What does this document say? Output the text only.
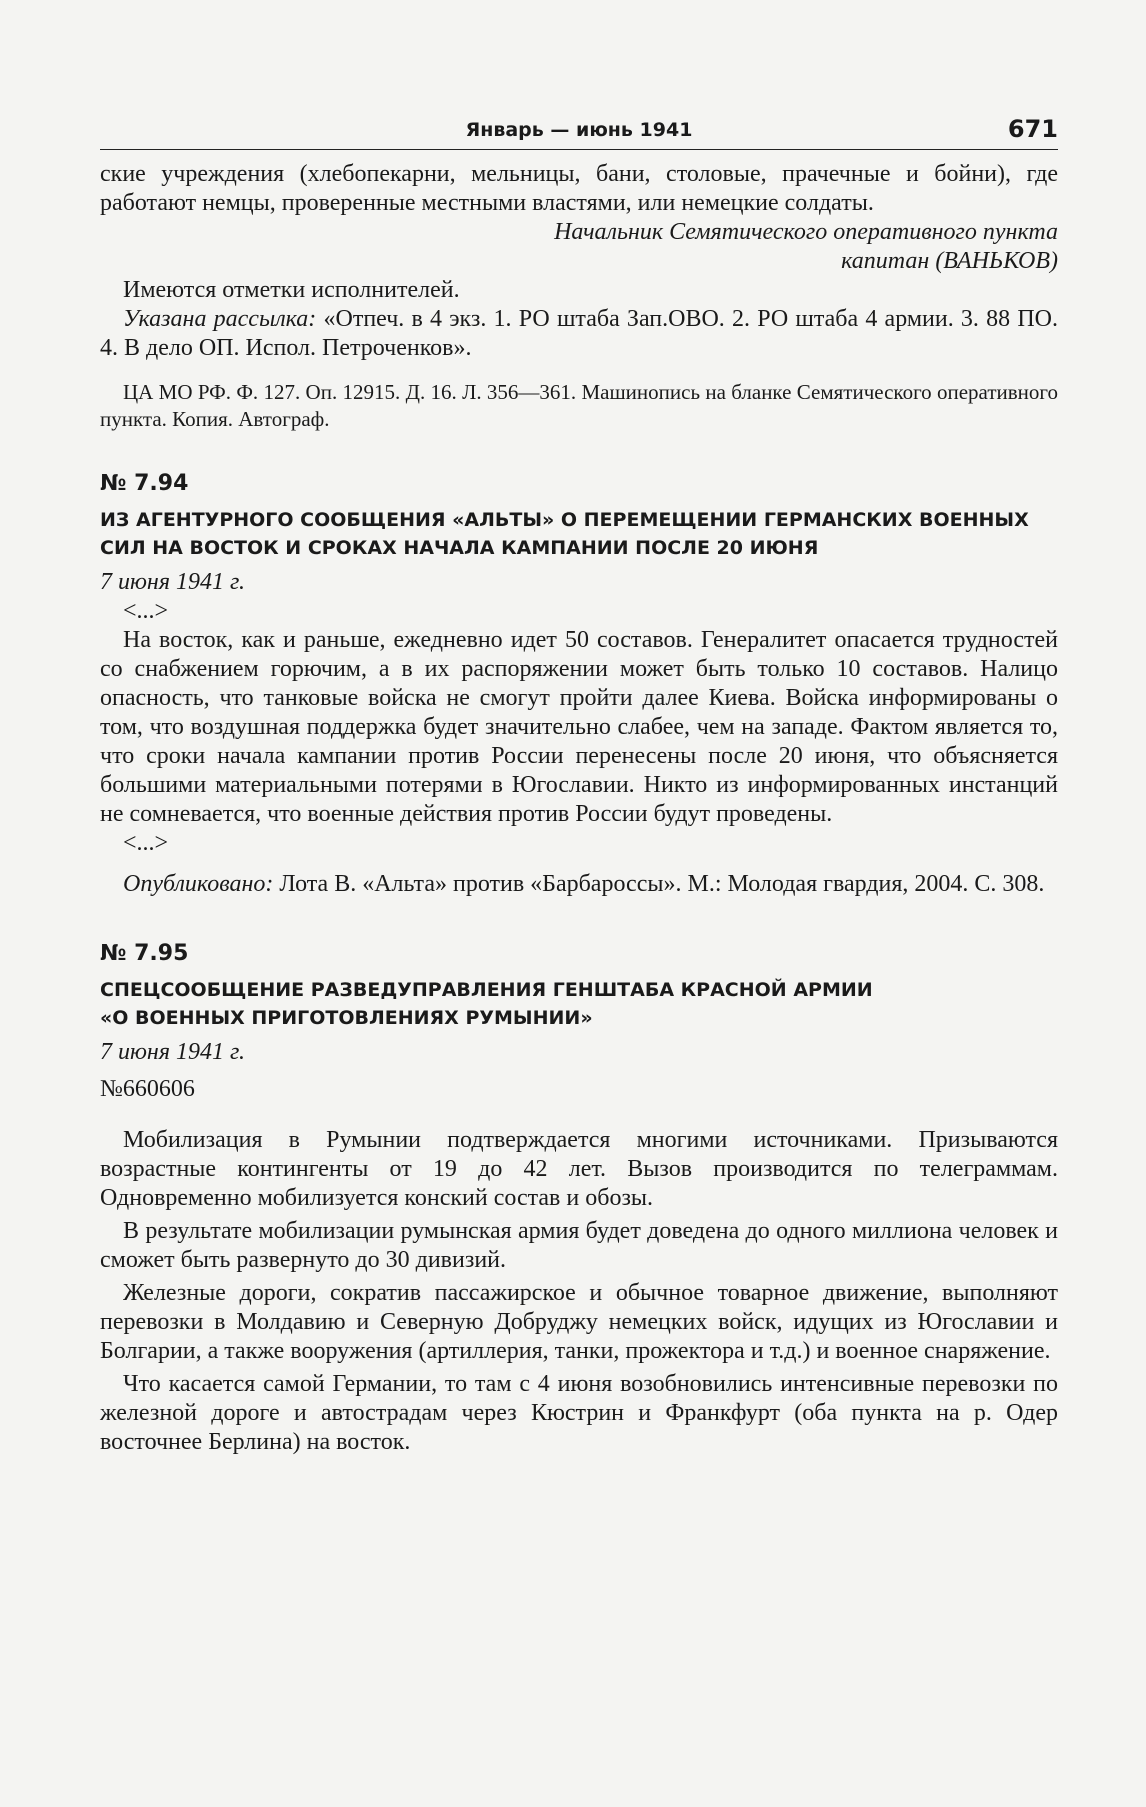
Январь — июнь 1941	671

ские учреждения (хлебопекарни, мельницы, бани, столовые, прачечные и бойни), где работают немцы, проверенные местными властями, или немецкие солдаты.

Начальник Семятического оперативного пункта

капитан (ВАНЬКОВ)

Имеются отметки исполнителей.

Указана рассылка: «Отпеч. в 4 экз. 1. РО штаба Зап.ОВО. 2. РО штаба 4 армии. 3. 88 ПО. 4. В дело ОП. Испол. Петроченков».

ЦА МО РФ. Ф. 127. Оп. 12915. Д. 16. Л. 356—361. Машинопись на бланке Семятического оперативного пункта. Копия. Автограф.

№ 7.94
ИЗ АГЕНТУРНОГО СООБЩЕНИЯ «АЛЬТЫ» О ПЕРЕМЕЩЕНИИ ГЕРМАНСКИХ ВОЕННЫХ СИЛ НА ВОСТОК И СРОКАХ НАЧАЛА КАМПАНИИ ПОСЛЕ 20 ИЮНЯ

7 июня 1941 г.

<...>

На восток, как и раньше, ежедневно идет 50 составов. Генералитет опасается трудностей со снабжением горючим, а в их распоряжении может быть только 10 составов. Налицо опасность, что танковые войска не смогут пройти далее Киева. Войска информированы о том, что воздушная поддержка будет значительно слабее, чем на западе. Фактом является то, что сроки начала кампании против России перенесены после 20 июня, что объясняется большими материальными потерями в Югославии. Никто из информированных инстанций не сомневается, что военные действия против России будут проведены.

<...>

Опубликовано: Лота В. «Альта» против «Барбароссы». М.: Молодая гвардия, 2004. С. 308.

№ 7.95
СПЕЦСООБЩЕНИЕ РАЗВЕДУПРАВЛЕНИЯ ГЕНШТАБА КРАСНОЙ АРМИИ
«О ВОЕННЫХ ПРИГОТОВЛЕНИЯХ РУМЫНИИ»

7 июня 1941 г.

№660606

Мобилизация в Румынии подтверждается многими источниками. Призываются возрастные контингенты от 19 до 42 лет. Вызов производится по телеграммам. Одновременно мобилизуется конский состав и обозы.

В результате мобилизации румынская армия будет доведена до одного миллиона человек и сможет быть развернуто до 30 дивизий.

Железные дороги, сократив пассажирское и обычное товарное движение, выполняют перевозки в Молдавию и Северную Добруджу немецких войск, идущих из Югославии и Болгарии, а также вооружения (артиллерия, танки, прожектора и т.д.) и военное снаряжение.

Что касается самой Германии, то там с 4 июня возобновились интенсивные перевозки по железной дороге и автострадам через Кюстрин и Франкфурт (оба пункта на р. Одер восточнее Берлина) на восток.
